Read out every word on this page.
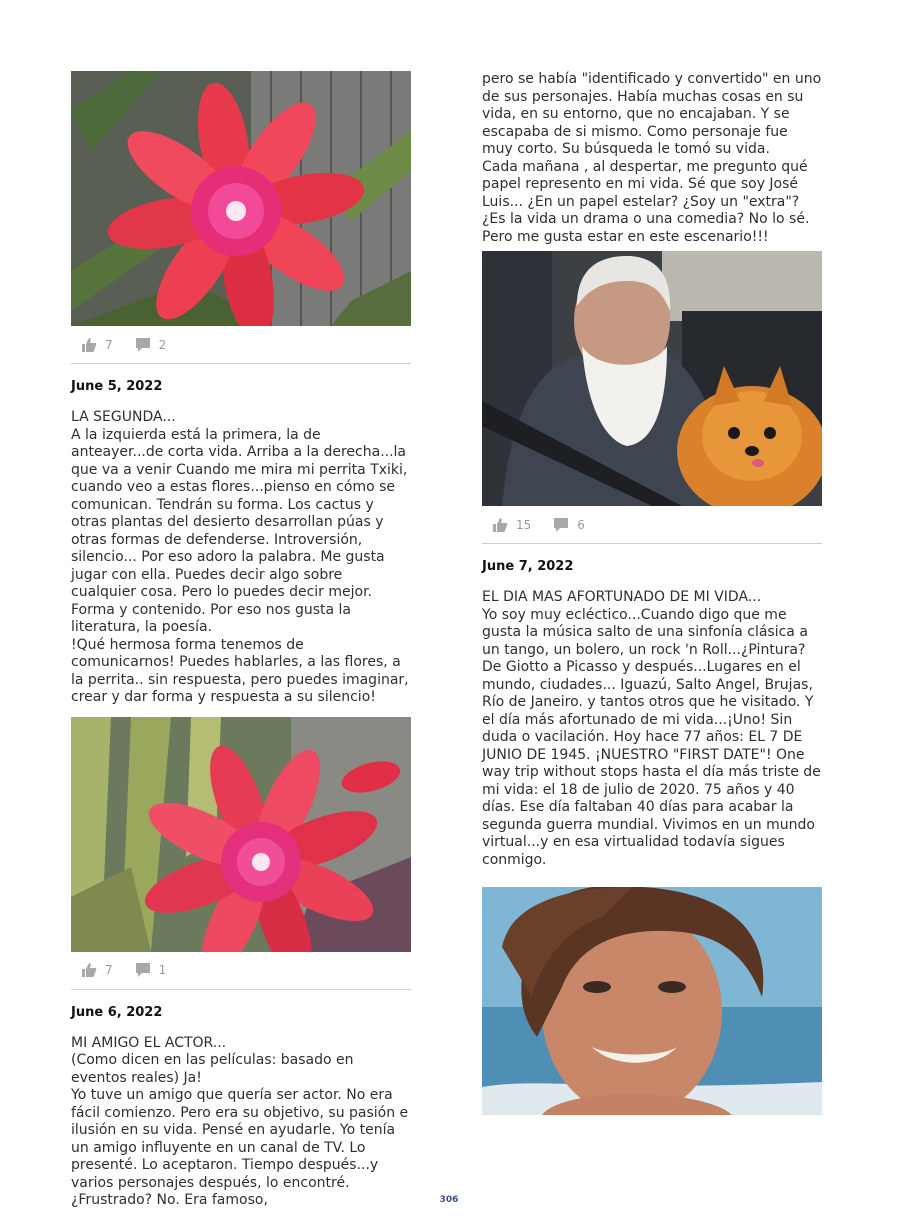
7	2
June 5, 2022
LA SEGUNDA...
A la izquierda está la primera, la de anteayer...de corta vida. Arriba a la derecha...la que va a venir Cuando me mira mi perrita Txiki, cuando veo a estas flores...pienso en cómo se comunican. Tendrán su forma. Los cactus y otras plantas del desierto desarrollan púas y otras formas de defenderse. Introversión, silencio... Por eso adoro la palabra. Me gusta jugar con ella. Puedes decir algo sobre cualquier cosa. Pero lo puedes decir mejor. Forma y contenido. Por eso nos gusta la literatura, la poesía.
!Qué hermosa forma tenemos de comunicarnos! Puedes hablarles, a las flores, a la perrita.. sin respuesta, pero puedes imaginar, crear y dar forma y respuesta a su silencio!
7	1
June 6, 2022
MI AMIGO EL ACTOR...
(Como dicen en las películas: basado en eventos reales) Ja!
Yo tuve un amigo que quería ser actor. No era fácil comienzo. Pero era su objetivo, su pasión e ilusión en su vida. Pensé en ayudarle. Yo tenía un amigo influyente en un canal de TV. Lo presenté. Lo aceptaron. Tiempo después...y varios personajes después, lo encontré. ¿Frustrado? No. Era famoso,
pero se había "identificado y convertido" en uno de sus personajes. Había muchas cosas en su vida, en su entorno, que no encajaban. Y se escapaba de si mismo. Como personaje fue muy corto. Su búsqueda le tomó su vida.
Cada mañana , al despertar, me pregunto qué papel represento en mi vida. Sé que soy José Luis... ¿En un papel estelar? ¿Soy un "extra"? ¿Es la vida un drama o una comedia? No lo sé. Pero me gusta estar en este escenario!!!
15	6
June 7, 2022
EL DIA MAS AFORTUNADO DE MI VIDA...
Yo soy muy ecléctico...Cuando digo que me gusta la música salto de una sinfonía clásica a un tango, un bolero, un rock 'n Roll...¿Pintura? De Giotto a Picasso y después...Lugares en el mundo, ciudades... Iguazú, Salto Angel, Brujas, Río de Janeiro. y tantos otros que he visitado. Y el día más afortunado de mi vida...¡Uno! Sin duda o vacilación. Hoy hace 77 años: EL 7 DE JUNIO DE 1945. ¡NUESTRO "FIRST DATE"! One way trip without stops hasta el día más triste de mi vida: el 18 de julio de 2020. 75 años y 40 días. Ese día faltaban 40 días para acabar la segunda guerra mundial. Vivimos en un mundo virtual...y en esa virtualidad todavía sigues conmigo.
306
